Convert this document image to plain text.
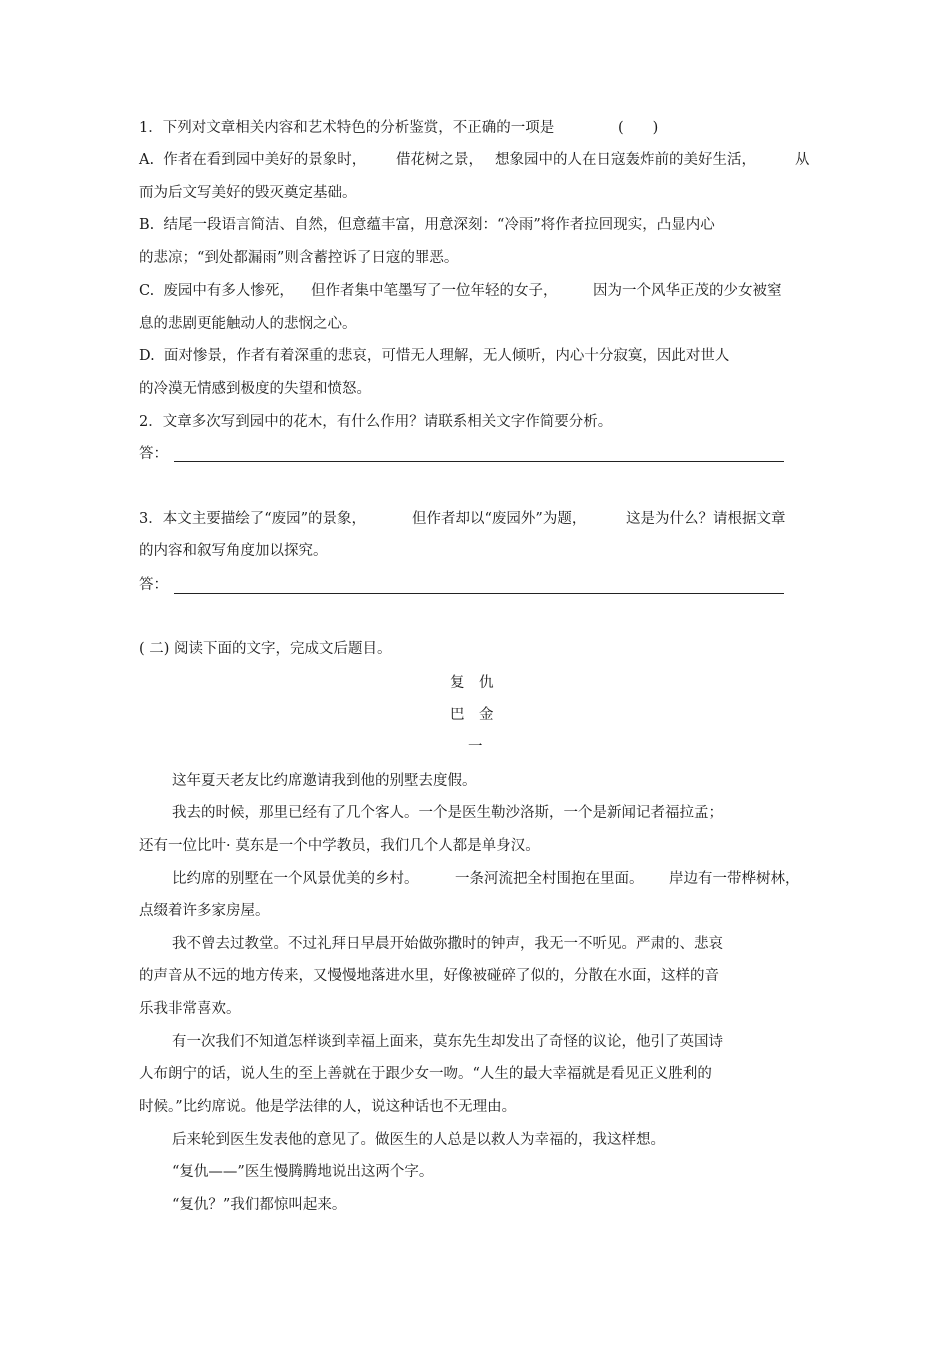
1．下列对文章相关内容和艺术特色的分析鉴赏，不正确的一项是	(　　)
A.  作者在看到园中美好的景象时， 借花树之景， 想象园中的人在日寇轰炸前的美好生活，	从
而为后文写美好的毁灭奠定基础。
B.  结尾一段语言简洁、自然，但意蕴丰富，用意深刻：“冷雨”将作者拉回现实，凸显内心
的悲凉；“到处都漏雨”则含蓄控诉了日寇的罪恶。
C.  废园中有多人惨死， 但作者集中笔墨写了一位年轻的女子， 因为一个风华正茂的少女被窒
息的悲剧更能触动人的悲悯之心。
D.  面对惨景，作者有着深重的悲哀，可惜无人理解，无人倾听，内心十分寂寞，因此对世人
的冷漠无情感到极度的失望和愤怒。
2．文章多次写到园中的花木，有什么作用？请联系相关文字作简要分析。
答：
3．本文主要描绘了“废园”的景象，	但作者却以“废园外”为题，	这是为什么？请根据文章
的内容和叙写角度加以探究。
答：
( 二) 阅读下面的文字，完成文后题目。
复　仇
巴　金
一
这年夏天老友比约席邀请我到他的别墅去度假。
我去的时候，那里已经有了几个客人。一个是医生勒沙洛斯，一个是新闻记者福拉孟；
还有一位比叶· 莫东是一个中学教员，我们几个人都是单身汉。
比约席的别墅在一个风景优美的乡村。	一条河流把全村围抱在里面。 岸边有一带桦树林，
点缀着许多家房屋。
我不曾去过教堂。不过礼拜日早晨开始做弥撒时的钟声，我无一不听见。严肃的、悲哀
的声音从不远的地方传来，又慢慢地落进水里，好像被碰碎了似的，分散在水面，这样的音
乐我非常喜欢。
有一次我们不知道怎样谈到幸福上面来，莫东先生却发出了奇怪的议论，他引了英国诗
人布朗宁的话，说人生的至上善就在于跟少女一吻。“人生的最大幸福就是看见正义胜利的
时候。”比约席说。他是学法律的人，说这种话也不无理由。
后来轮到医生发表他的意见了。做医生的人总是以救人为幸福的，我这样想。
“复仇——”医生慢腾腾地说出这两个字。
“复仇？”我们都惊叫起来。
